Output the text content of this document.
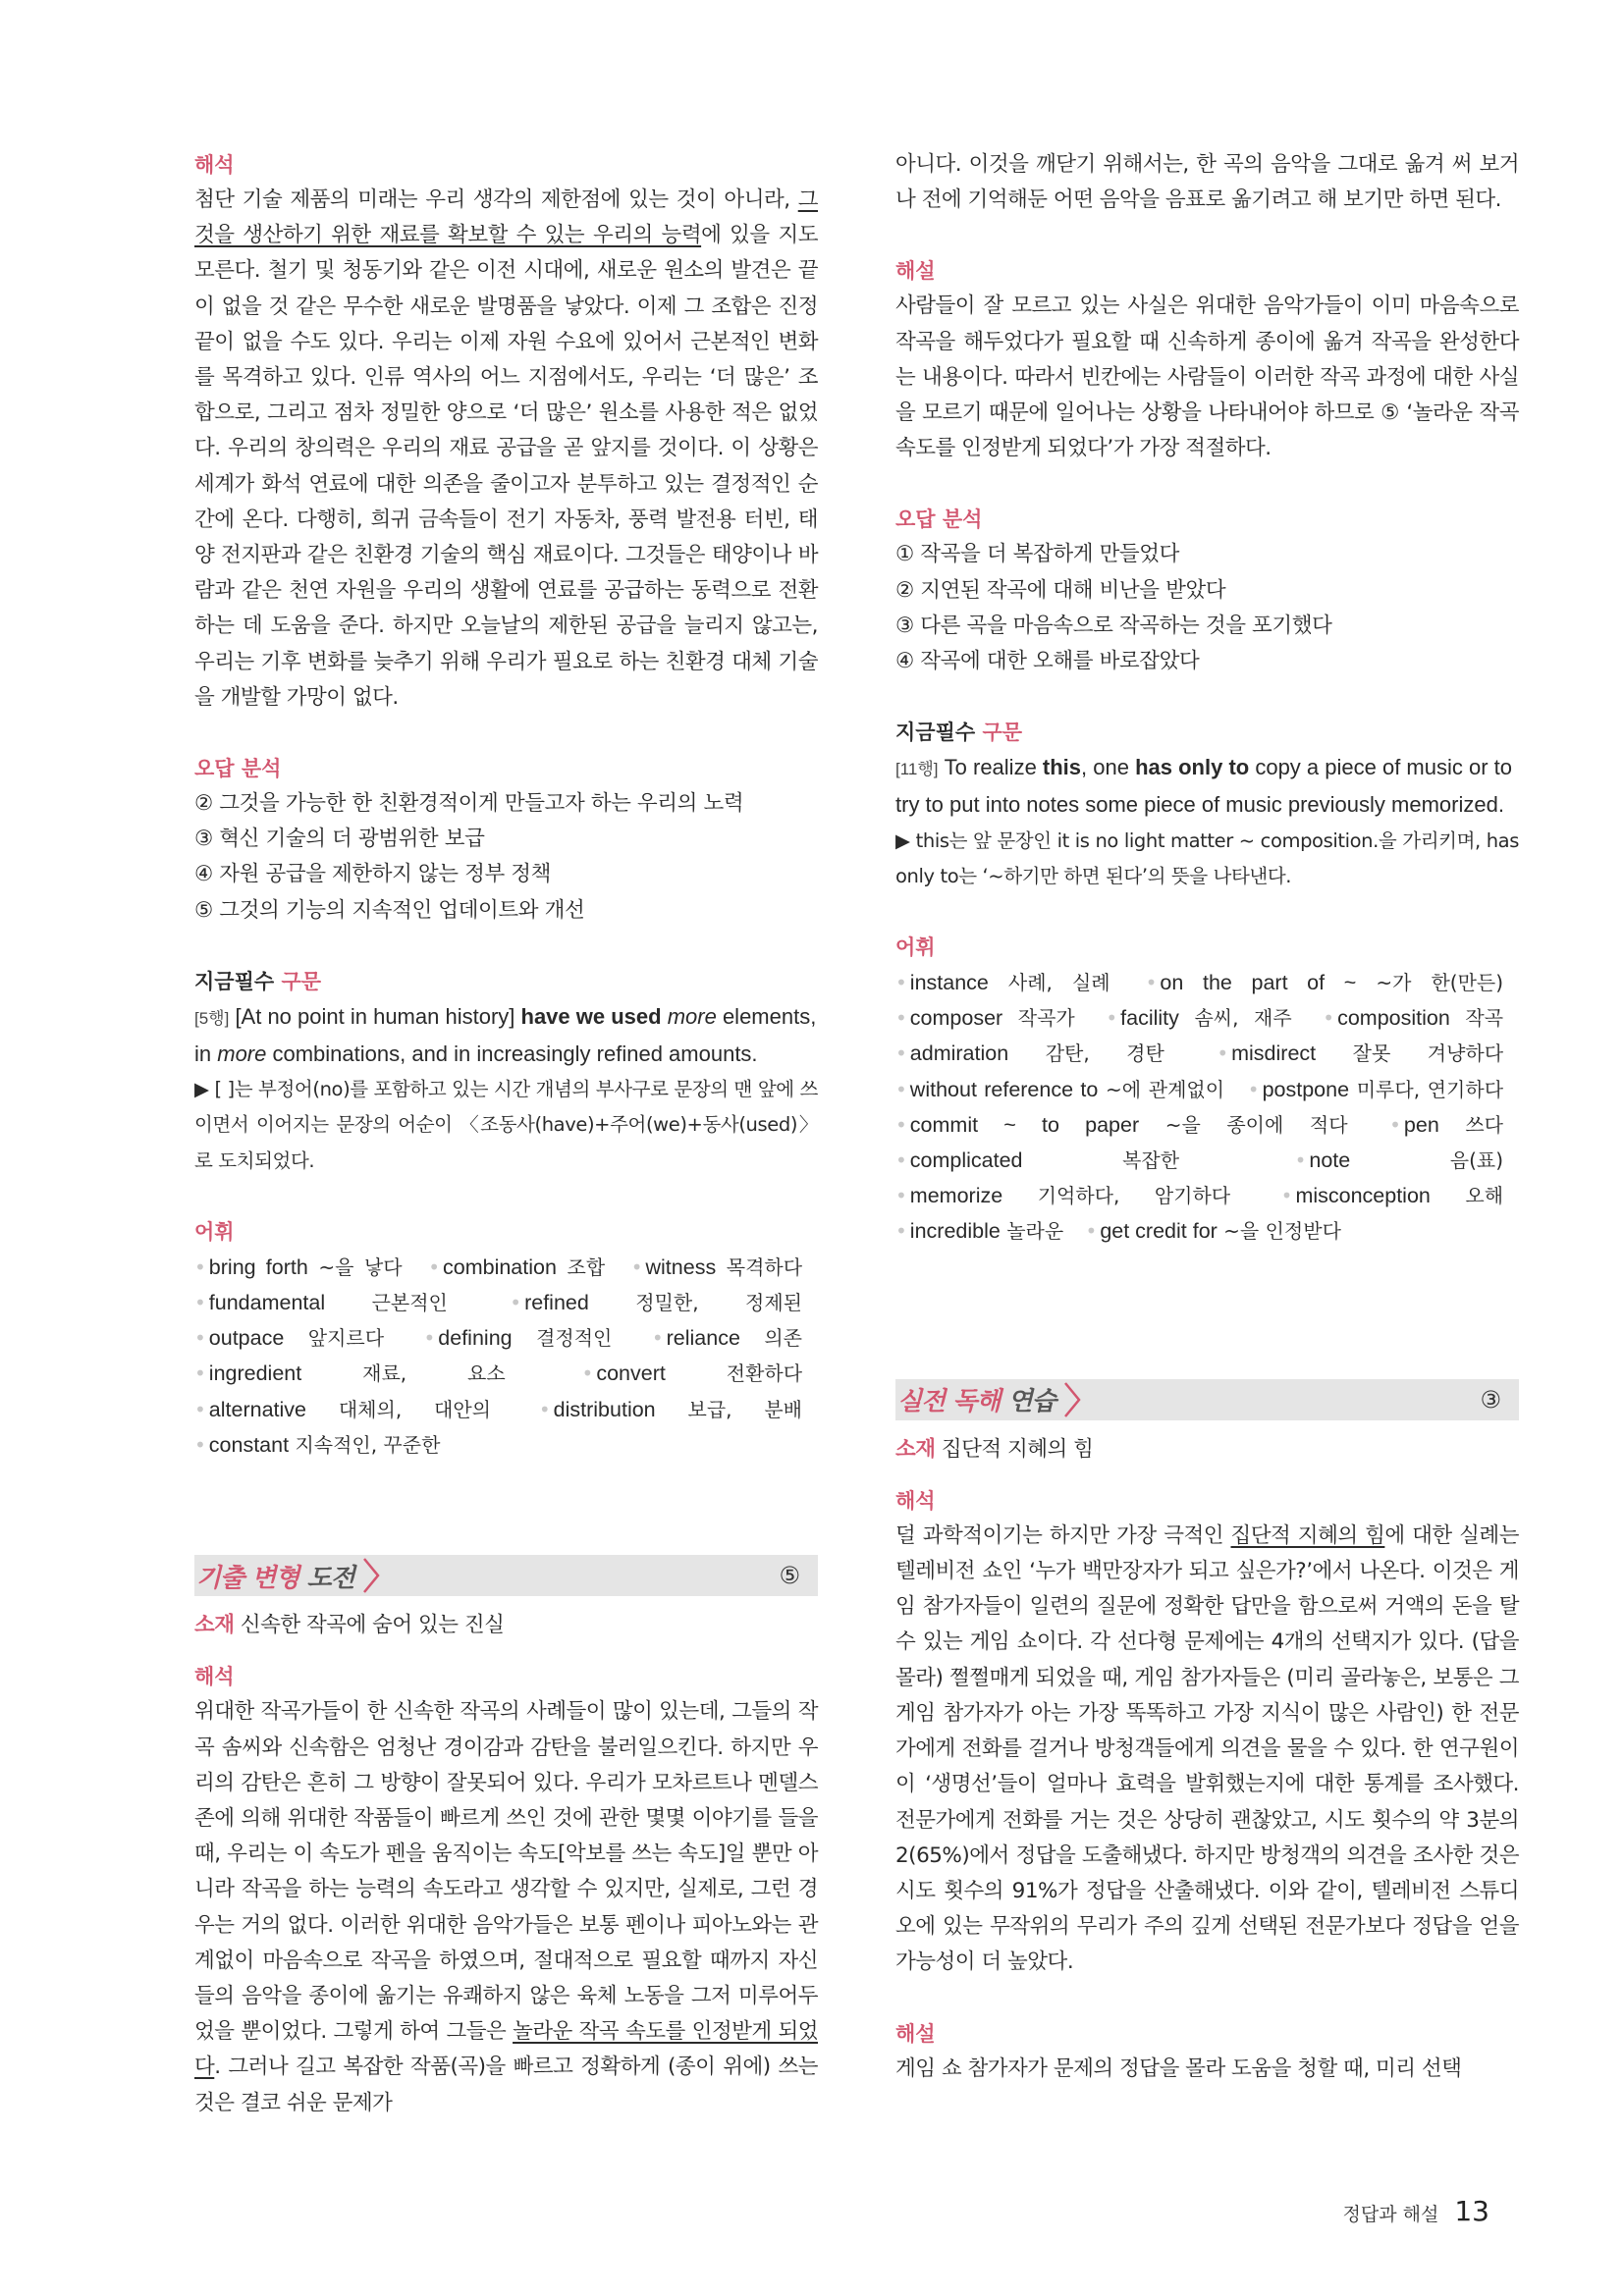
해석

첨단 기술 제품의 미래는 우리 생각의 제한점에 있는 것이 아니라, 그것을 생산하기 위한 재료를 확보할 수 있는 우리의 능력에 있을 지도 모른다. 철기 및 청동기와 같은 이전 시대에, 새로운 원소의 발견은 끝이 없을 것 같은 무수한 새로운 발명품을 낳았다. 이제 그 조합은 진정 끝이 없을 수도 있다. 우리는 이제 자원 수요에 있어서 근본적인 변화를 목격하고 있다. 인류 역사의 어느 지점에서도, 우리는 ‘더 많은’ 조합으로, 그리고 점차 정밀한 양으로 ‘더 많은’ 원소를 사용한 적은 없었다. 우리의 창의력은 우리의 재료 공급을 곧 앞지를 것이다. 이 상황은 세계가 화석 연료에 대한 의존을 줄이고자 분투하고 있는 결정적인 순간에 온다. 다행히, 희귀 금속들이 전기 자동차, 풍력 발전용 터빈, 태양 전지판과 같은 친환경 기술의 핵심 재료이다. 그것들은 태양이나 바람과 같은 천연 자원을 우리의 생활에 연료를 공급하는 동력으로 전환하는 데 도움을 준다. 하지만 오늘날의 제한된 공급을 늘리지 않고는, 우리는 기후 변화를 늦추기 위해 우리가 필요로 하는 친환경 대체 기술을 개발할 가망이 없다.

오답 분석

② 그것을 가능한 한 친환경적이게 만들고자 하는 우리의 노력

③ 혁신 기술의 더 광범위한 보급

④ 자원 공급을 제한하지 않는 정부 정책

⑤ 그것의 기능의 지속적인 업데이트와 개선

지금필수 구문

[5행] [At no point in human history] have we used more elements, in more combinations, and in increasingly refined amounts.

▶ [ ]는 부정어(no)를 포함하고 있는 시간 개념의 부사구로 문장의 맨 앞에 쓰이면서 이어지는 문장의 어순이 〈조동사(have)+주어(we)+동사(used)〉로 도치되었다.

어휘

• bring forth ~을 낳다 • combination 조합 • witness 목격하다 • fundamental 근본적인	• refined 정밀한, 정제된 • outpace 앞지르다 • defining 결정적인 • reliance 의존 • ingredient	재료, 요소	• convert	전환하다 • alternative 대체의, 대안의 • distribution 보급, 분배 • constant 지속적인, 꾸준한

기출 변형 도전	⑤

소재 신속한 작곡에 숨어 있는 진실

해석

위대한 작곡가들이 한 신속한 작곡의 사례들이 많이 있는데, 그들의 작곡 솜씨와 신속함은 엄청난 경이감과 감탄을 불러일으킨다. 하지만 우리의 감탄은 흔히 그 방향이 잘못되어 있다. 우리가 모차르트나 멘델스존에 의해 위대한 작품들이 빠르게 쓰인 것에 관한 몇몇 이야기를 들을 때, 우리는 이 속도가 펜을 움직이는 속도[악보를 쓰는 속도]일 뿐만 아니라 작곡을 하는 능력의 속도라고 생각할 수 있지만, 실제로, 그런 경우는 거의 없다. 이러한 위대한 음악가들은 보통 펜이나 피아노와는 관계없이 마음속으로 작곡을 하였으며, 절대적으로 필요할 때까지 자신들의 음악을 종이에 옮기는 유쾌하지 않은 육체 노동을 그저 미루어두었을 뿐이었다. 그렇게 하여 그들은 놀라운 작곡 속도를 인정받게 되었다. 그러나 길고 복잡한 작품(곡)을 빠르고 정확하게 (종이 위에) 쓰는 것은 결코 쉬운 문제가

아니다. 이것을 깨닫기 위해서는, 한 곡의 음악을 그대로 옮겨 써 보거나 전에 기억해둔 어떤 음악을 음표로 옮기려고 해 보기만 하면 된다.

해설

사람들이 잘 모르고 있는 사실은 위대한 음악가들이 이미 마음속으로 작곡을 해두었다가 필요할 때 신속하게 종이에 옮겨 작곡을 완성한다는 내용이다. 따라서 빈칸에는 사람들이 이러한 작곡 과정에 대한 사실을 모르기 때문에 일어나는 상황을 나타내어야 하므로 ⑤ ‘놀라운 작곡 속도를 인정받게 되었다’가 가장 적절하다.

오답 분석

① 작곡을 더 복잡하게 만들었다

② 지연된 작곡에 대해 비난을 받았다

③ 다른 곡을 마음속으로 작곡하는 것을 포기했다

④ 작곡에 대한 오해를 바로잡았다

지금필수 구문

[11행] To realize this, one has only to copy a piece of music or to try to put into notes some piece of music previously memorized.

▶ this는 앞 문장인 it is no light matter ~ composition.을 가리키며, has only to는 ‘~하기만 하면 된다’의 뜻을 나타낸다.

어휘

• instance 사례, 실례 • on the part of ~ ~가 한(만든) • composer 작곡가 • facility 솜씨, 재주 • composition 작곡 • admiration 감탄, 경탄	• misdirect 잘못 겨냥하다 • without reference to ~에 관계없이 • postpone 미루다, 연기하다 • commit ~ to paper ~을 종이에 적다 • pen 쓰다 • complicated	복잡한	• note	음(표) • memorize 기억하다, 암기하다	• misconception 오해 • incredible 놀라운 • get credit for ~을 인정받다

실전 독해 연습	③

소재 집단적 지혜의 힘

해석

덜 과학적이기는 하지만 가장 극적인 집단적 지혜의 힘에 대한 실례는 텔레비전 쇼인 ‘누가 백만장자가 되고 싶은가?’에서 나온다. 이것은 게임 참가자들이 일련의 질문에 정확한 답만을 함으로써 거액의 돈을 탈 수 있는 게임 쇼이다. 각 선다형 문제에는 4개의 선택지가 있다. (답을 몰라) 쩔쩔매게 되었을 때, 게임 참가자들은 (미리 골라놓은, 보통은 그 게임 참가자가 아는 가장 똑똑하고 가장 지식이 많은 사람인) 한 전문가에게 전화를 걸거나 방청객들에게 의견을 물을 수 있다. 한 연구원이 이 ‘생명선’들이 얼마나 효력을 발휘했는지에 대한 통계를 조사했다. 전문가에게 전화를 거는 것은 상당히 괜찮았고, 시도 횟수의 약 3분의 2(65%)에서 정답을 도출해냈다. 하지만 방청객의 의견을 조사한 것은 시도 횟수의 91%가 정답을 산출해냈다. 이와 같이, 텔레비전 스튜디오에 있는 무작위의 무리가 주의 깊게 선택된 전문가보다 정답을 얻을 가능성이 더 높았다.

해설

게임 쇼 참가자가 문제의 정답을 몰라 도움을 청할 때, 미리 선택

정답과 해설 13
